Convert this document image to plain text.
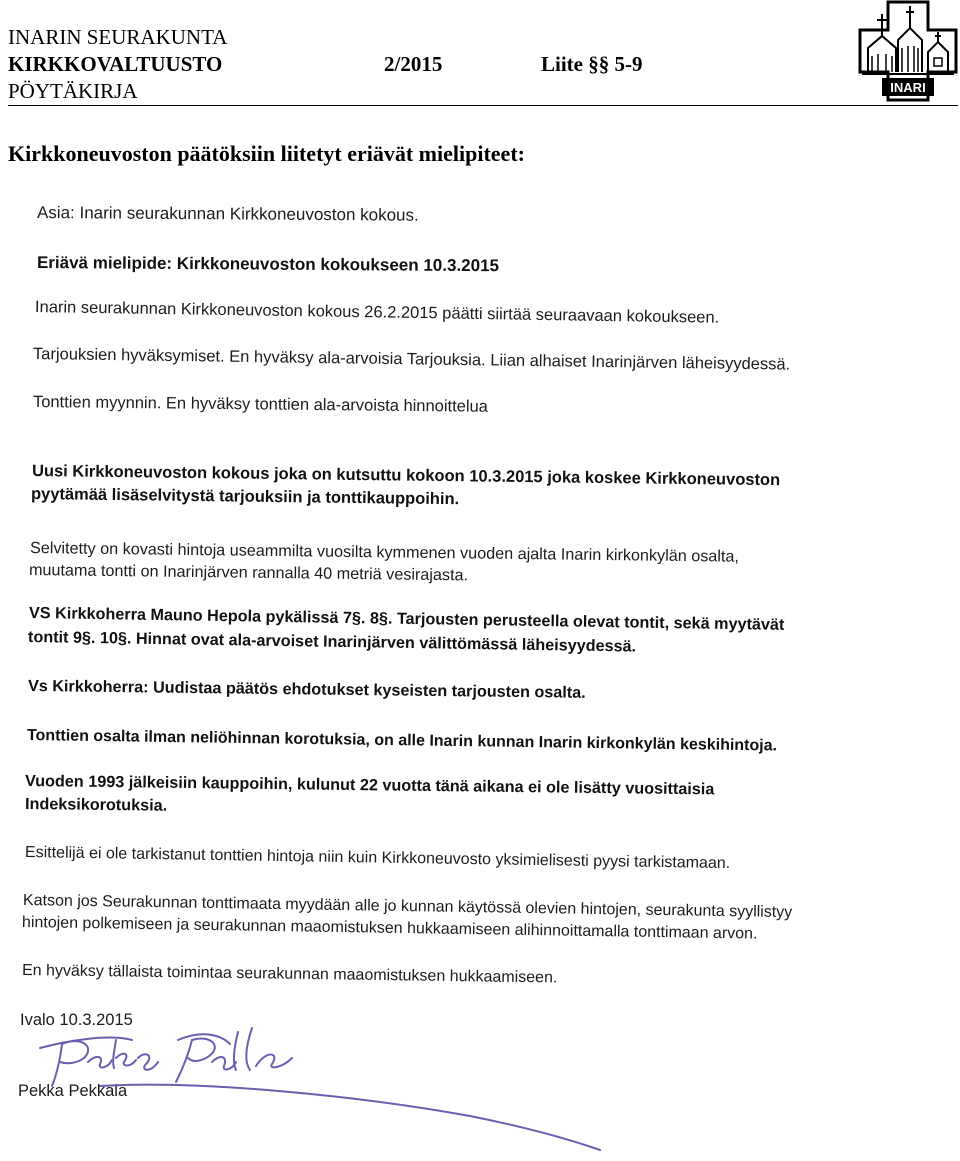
INARIN SEURAKUNTA
KIRKKOVALTUUSTO	2/2015	Liite §§ 5-9
PÖYTÄKIRJA	INARI
Kirkkoneuvoston päätöksiin liitetyt eriävät mielipiteet:
Asia: Inarin seurakunnan Kirkkoneuvoston kokous.
Eriävä mielipide: Kirkkoneuvoston kokoukseen 10.3.2015
Inarin seurakunnan Kirkkoneuvoston kokous 26.2.2015 päätti siirtää seuraavaan kokoukseen.
Tarjouksien hyväksymiset. En hyväksy ala-arvoisia Tarjouksia. Liian alhaiset Inarinjärven läheisyydessä.
Tonttien myynnin. En hyväksy tonttien ala-arvoista hinnoittelua
Uusi Kirkkoneuvoston kokous joka on kutsuttu kokoon 10.3.2015 joka koskee Kirkkoneuvoston
pyytämää lisäselvitystä tarjouksiin ja tonttikauppoihin.
Selvitetty on kovasti hintoja useammilta vuosilta kymmenen vuoden ajalta Inarin kirkonkylän osalta,
muutama tontti on Inarinjärven rannalla 40 metriä vesirajasta.
VS Kirkkoherra Mauno Hepola pykälissä 7§. 8§. Tarjousten perusteella olevat tontit, sekä myytävät
tontit 9§. 10§. Hinnat ovat ala-arvoiset Inarinjärven välittömässä läheisyydessä.
Vs Kirkkoherra: Uudistaa päätös ehdotukset kyseisten tarjousten osalta.
Tonttien osalta ilman neliöhinnan korotuksia, on alle Inarin kunnan Inarin kirkonkylän keskihintoja.
Vuoden 1993 jälkeisiin kauppoihin, kulunut 22 vuotta tänä aikana ei ole lisätty vuosittaisia
Indeksikorotuksia.
Esittelijä ei ole tarkistanut tonttien hintoja niin kuin Kirkkoneuvosto yksimielisesti pyysi tarkistamaan.
Katson jos Seurakunnan tonttimaata myydään alle jo kunnan käytössä olevien hintojen, seurakunta syyllistyy
hintojen polkemiseen ja seurakunnan maaomistuksen hukkaamiseen alihinnoittamalla tonttimaan arvon.
En hyväksy tällaista toimintaa seurakunnan maaomistuksen hukkaamiseen.
Ivalo 10.3.2015
Pekka Pekkala
